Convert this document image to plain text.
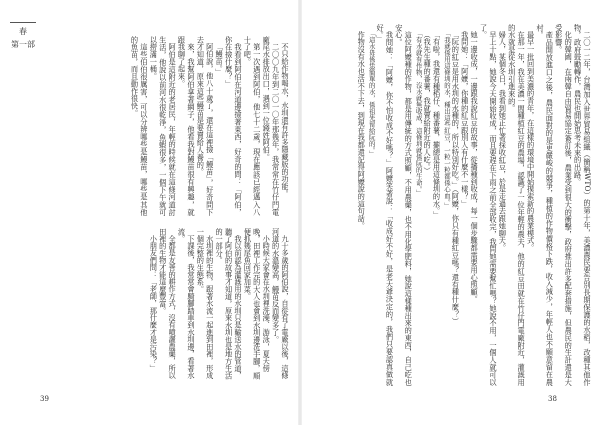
春
第一部	不只給作物喝水，水圳還有許多隱藏版的功能。

二〇〇九年到二〇一〇年那幾年，我常常在竹仔門電廠尾水排放出口，遇到一位錢姓阿伯。

第一次遇到阿伯，他七十二歲，現在應該已經邁入八十了吧。

我看到阿伯在河道邊撿著東西，好奇的問：「阿伯，你在撿什麼？」

「鰻苗。」

阿伯說，他八十歲了，還在這裡撿「鰻苗」，好奇問下去才知道，原來這些鰻苗是要賣給人養的。

來，我幫阿伯拿著網子，他看我對鰻苗很有興趣，就跟我聊了起來。

阿伯是這附近的老居民，年輕的時候就在這條河道討生活，他說以前河水很乾淨，魚蝦很多，一個下午就可以撈滿一桶。

這些伯伯很厲害，可以分辨哪些是鰻苗，哪些是其他的魚苗，而且動作很快。

九十多歲的阿伯說，自從有了電廠以後，這條河道的水溫變高，鰻苗反而變多了。

小時候大家會在水圳裡洗澡、游泳，夏天傍晚，田裡工作完的大人也會到水圳邊洗手腳，順便抓幾尾魚回家加菜。

我以前認為灌溉用的水圳只是輸送水的管道，聽了阿伯的故事才知道，原來水圳也是地方生活的一部分。

水圳裡的生物，跟著水流一起進到田裡，形成一個完整的生態系。

下課後，我常常會騎腳踏車到水圳邊，看著水流。

全都是友善的耕作方式，沒有噴灑農藥，所以田裡的生物才能這麼豐富。

小朋友們問：「老師，那什麼才是污染？」

39

二〇一二年，台灣加入世界貿易組織（簡稱WTO）的第十年，美濃農民要告別長期保護的水稻，改種其他作物，政府鼓勵轉作，農民也開始思考未來的出路。

化的韓國，在兩韓自由貿易協定簽訂後，農業受到很大的衝擊，政府推出許多配套措施，但農民的生計還是大受影響。

產品開放進口之後，農民面對的是更嚴峻的競爭，種植的作物價格下跌，收入減少，年輕人也不願意留在農村。

最早一批回到美濃的青年，在這樣的環境中開始摸索新的農業模式。

在那一年，我在美濃一間種植紅豆的農場，認識了一位年輕的農夫，他的紅豆田就在竹仔門電廠附近，灌溉用的水就是從水圳引進來的。

婦人，某個冬日，我看到她正忙著採收紅豆，於是走過去跟她聊天。

早上十點，她說今天開始收成，而且要趕在下雨之前全部收完，我問她需要幫忙嗎？她說不用，一個人就可以了。

她一邊收成，一邊跟我說紅豆的故事，從播種到收成，每一個步驟都需要用心照顧。

我問她：「阿嬤，你種的紅豆跟別人有什麼不一樣？」

「阮的紅豆是用水圳的水種的，所以特別好吃。」（阿嬤，你只有種紅豆嗎？還有種什麼？）

「我就係用這條圳的水，種出這些紅豆，一粒一粒都係心血。」

「有啦，我還有種稻仔、種番薯，攏總是用這條圳的水。」

（我先生種的番薯，我就賣給附近的人吃。）

「有水就有作物，沒水就無收成，這條圳就係阮的生命。」

這位阿嬤種的作物，都是用傳統的方式照顧，不用農藥，也不用化學肥料，她說這樣種出來的東西，自己吃也安心。

我問她：「阿嬤，你不怕收成不好嗎？」阿嬤笑著說：「收成好不好，是老天爺決定的，我們只要認真做就好。」

「這水毋係恁簡單的水，係祖先留給阮的。」

作物沒有水也活不下去，到現在我都還記得阿嬤說的這句話。

38
